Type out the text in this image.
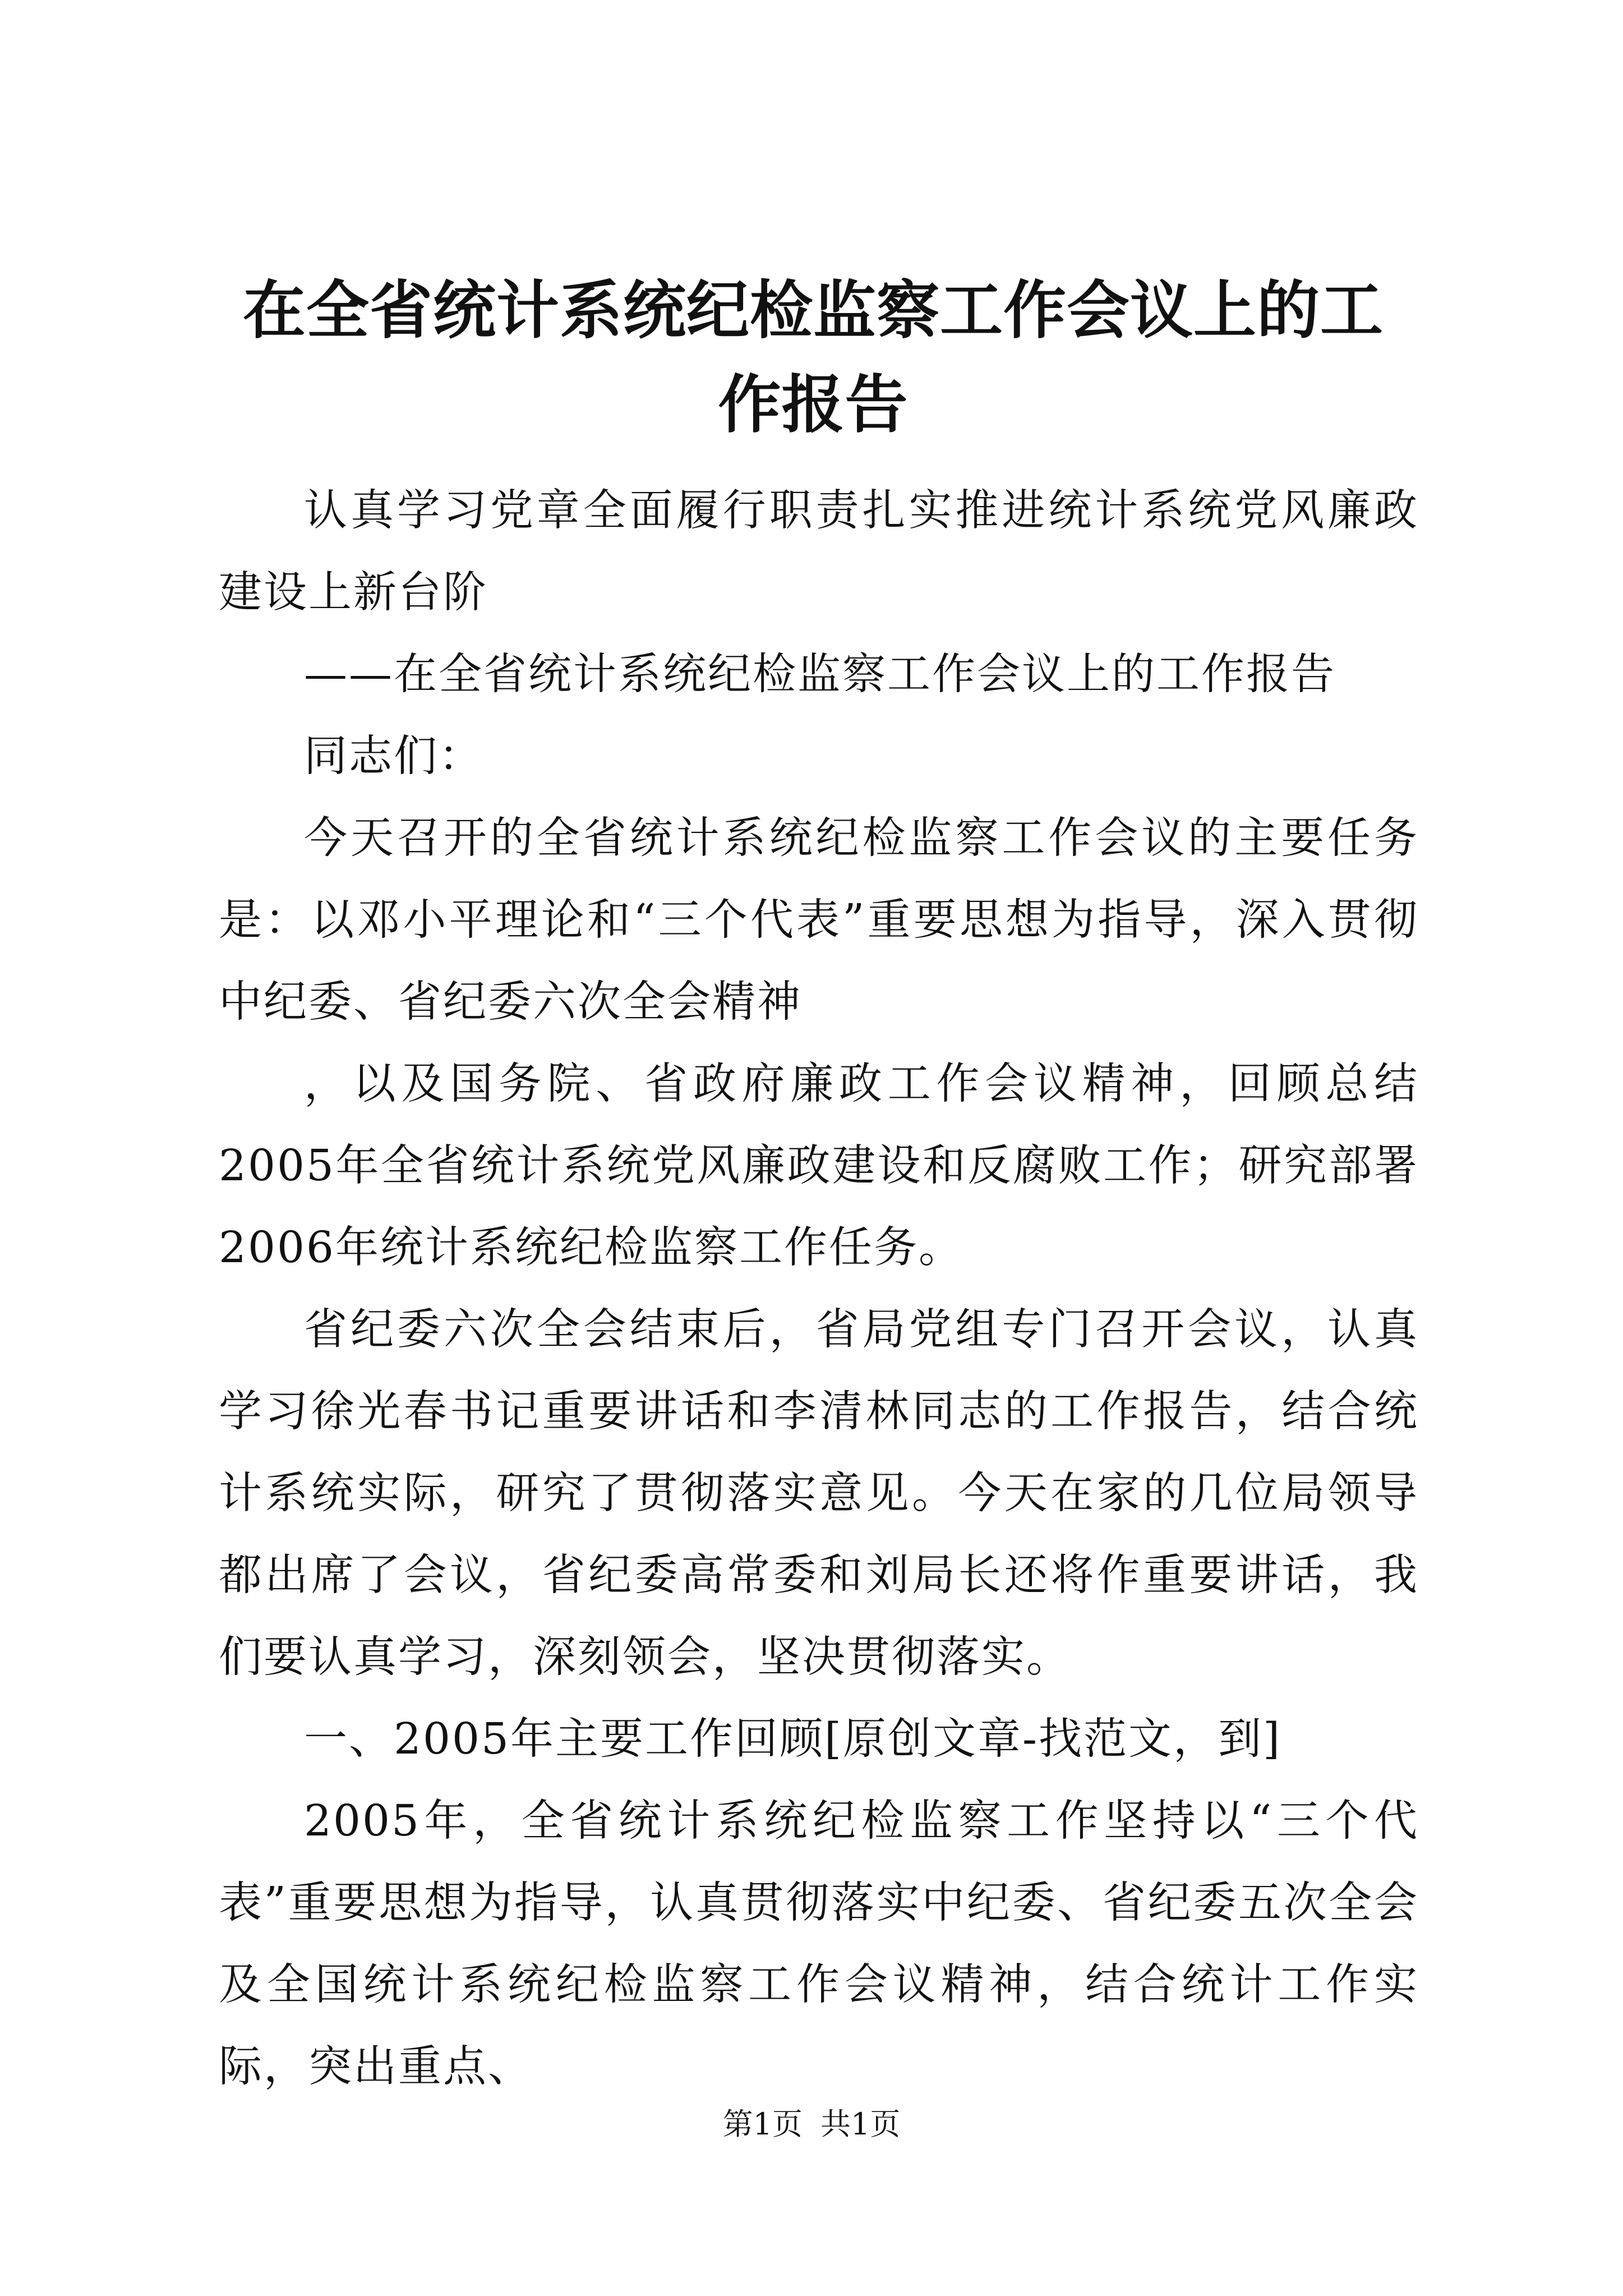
在全省统计系统纪检监察工作会议上的工作报告

认真学习党章全面履行职责扎实推进统计系统党风廉政建设上新台阶

——在全省统计系统纪检监察工作会议上的工作报告

同志们：

今天召开的全省统计系统纪检监察工作会议的主要任务是：以邓小平理论和“三个代表”重要思想为指导，深入贯彻中纪委、省纪委六次全会精神

，以及国务院、省政府廉政工作会议精神，回顾总结2005年全省统计系统党风廉政建设和反腐败工作；研究部署2006年统计系统纪检监察工作任务。

省纪委六次全会结束后，省局党组专门召开会议，认真学习徐光春书记重要讲话和李清林同志的工作报告，结合统计系统实际，研究了贯彻落实意见。今天在家的几位局领导都出席了会议，省纪委高常委和刘局长还将作重要讲话，我们要认真学习，深刻领会，坚决贯彻落实。

一、2005年主要工作回顾[原创文章-找范文，到]

2005年，全省统计系统纪检监察工作坚持以“三个代表”重要思想为指导，认真贯彻落实中纪委、省纪委五次全会及全国统计系统纪检监察工作会议精神，结合统计工作实际，突出重点、

第1页 共1页
